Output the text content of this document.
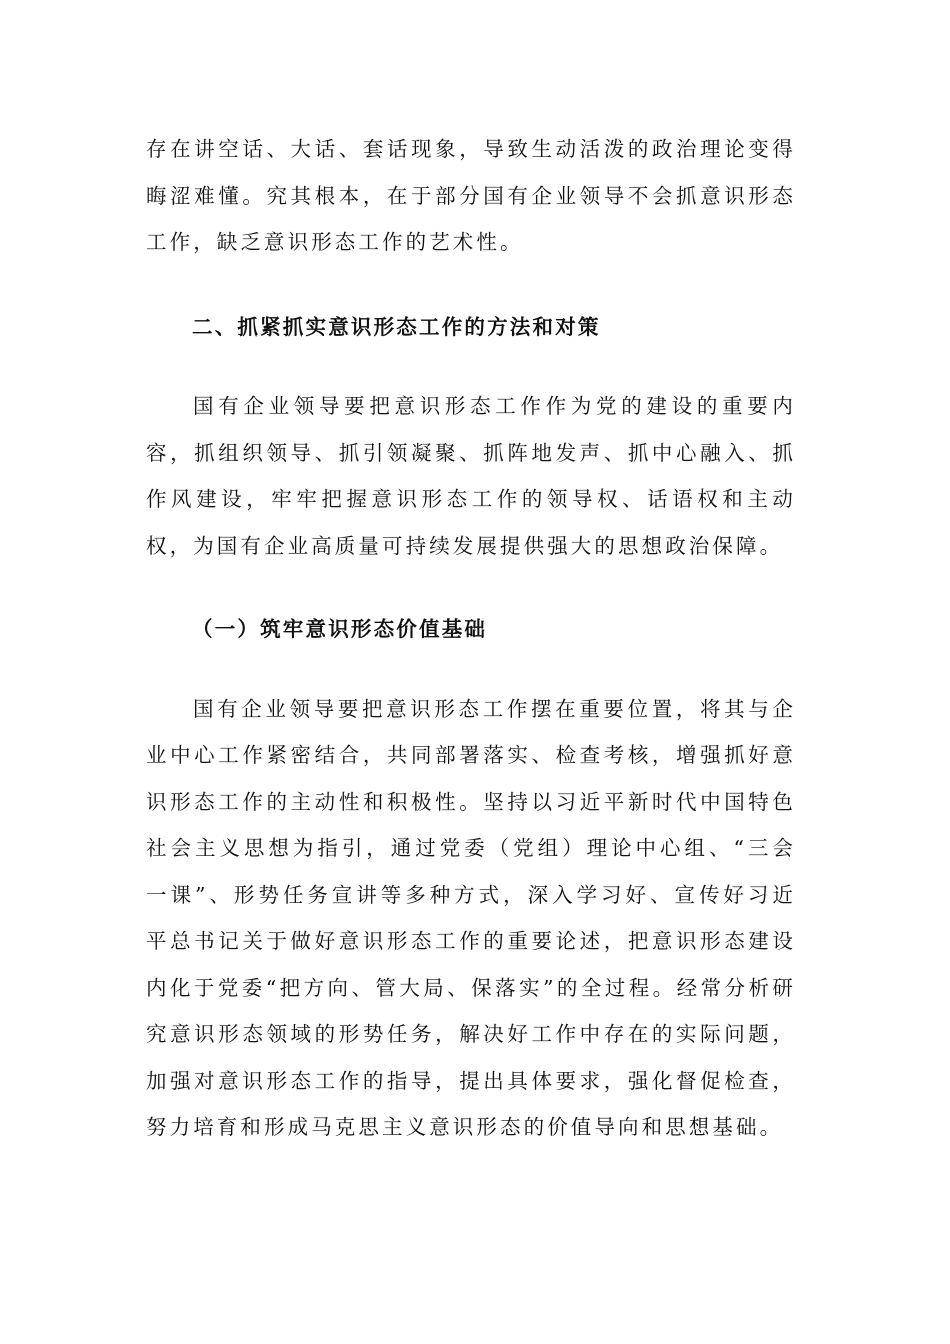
存在讲空话、大话、套话现象，导致生动活泼的政治理论变得晦涩难懂。究其根本，在于部分国有企业领导不会抓意识形态工作，缺乏意识形态工作的艺术性。

二、抓紧抓实意识形态工作的方法和对策

国有企业领导要把意识形态工作作为党的建设的重要内容，抓组织领导、抓引领凝聚、抓阵地发声、抓中心融入、抓作风建设，牢牢把握意识形态工作的领导权、话语权和主动权，为国有企业高质量可持续发展提供强大的思想政治保障。

（一）筑牢意识形态价值基础

国有企业领导要把意识形态工作摆在重要位置，将其与企业中心工作紧密结合，共同部署落实、检查考核，增强抓好意识形态工作的主动性和积极性。坚持以习近平新时代中国特色社会主义思想为指引，通过党委（党组）理论中心组、“三会一课”、形势任务宣讲等多种方式，深入学习好、宣传好习近平总书记关于做好意识形态工作的重要论述，把意识形态建设内化于党委“把方向、管大局、保落实”的全过程。经常分析研究意识形态领域的形势任务，解决好工作中存在的实际问题，加强对意识形态工作的指导，提出具体要求，强化督促检查，努力培育和形成马克思主义意识形态的价值导向和思想基础。
